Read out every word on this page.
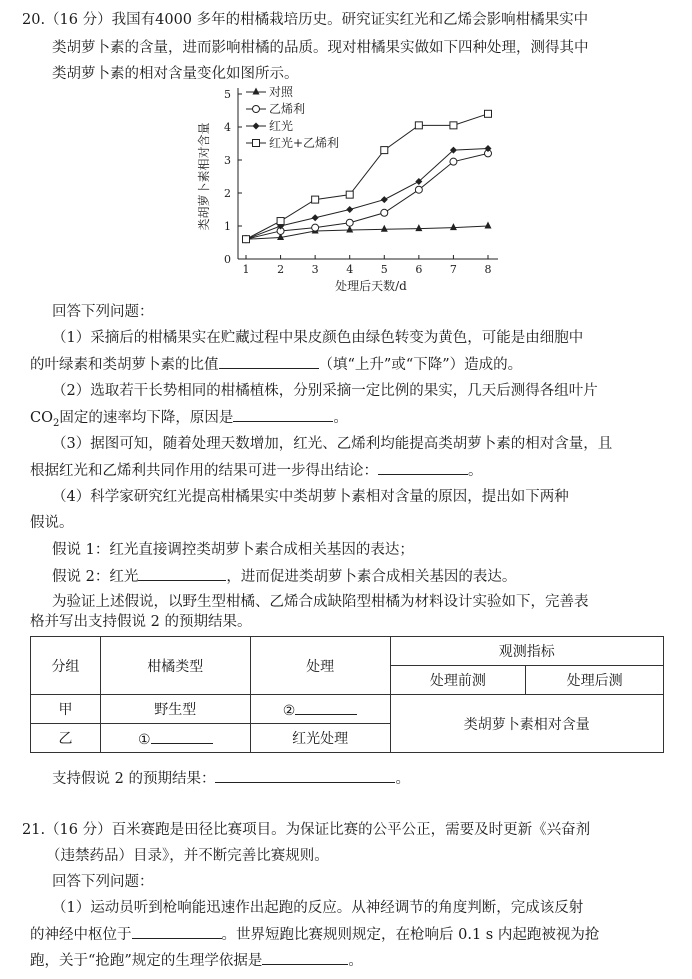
20.（16 分）我国有4000 多年的柑橘栽培历史。研究证实红光和乙烯会影响柑橘果实中
类胡萝卜素的含量，进而影响柑橘的品质。现对柑橘果实做如下四种处理，测得其中
类胡萝卜素的相对含量变化如图所示。
0
1
2
3
4
5
1	2	3	4	5	6	7	8
处理后天数/d
类胡萝卜素相对含量
对照
乙烯利
红光
红光+乙烯利
回答下列问题：
（1）采摘后的柑橘果实在贮藏过程中果皮颜色由绿色转变为黄色，可能是由细胞中
的叶绿素和类胡萝卜素的比值	（填“上升”或“下降”）造成的。
（2）选取若干长势相同的柑橘植株，分别采摘一定比例的果实，几天后测得各组叶片
$CO_2$固定的速率均下降，原因是	。
（3）据图可知，随着处理天数增加，红光、乙烯利均能提高类胡萝卜素的相对含量，且
根据红光和乙烯利共同作用的结果可进一步得出结论：	。
（4）科学家研究红光提高柑橘果实中类胡萝卜素相对含量的原因，提出如下两种
假说。
假说 1：红光直接调控类胡萝卜素合成相关基因的表达；
假说 2：红光	，进而促进类胡萝卜素合成相关基因的表达。
为验证上述假说，以野生型柑橘、乙烯合成缺陷型柑橘为材料设计实验如下，完善表
格并写出支持假说 2 的预期结果。
分组	柑橘类型	处理	观测指标	
			处理前测	处理后测
甲	野生型	②	类胡萝卜素相对含量	
乙	①	红光处理		
支持假说 2 的预期结果：	。
21.（16 分）百米赛跑是田径比赛项目。为保证比赛的公平公正，需要及时更新《兴奋剂
（违禁药品）目录》，并不断完善比赛规则。
回答下列问题：
（1）运动员听到枪响能迅速作出起跑的反应。从神经调节的角度判断，完成该反射
的神经中枢位于	。世界短跑比赛规则规定，在枪响后 0.1 s 内起跑被视为抢
跑，关于“抢跑”规定的生理学依据是	。
